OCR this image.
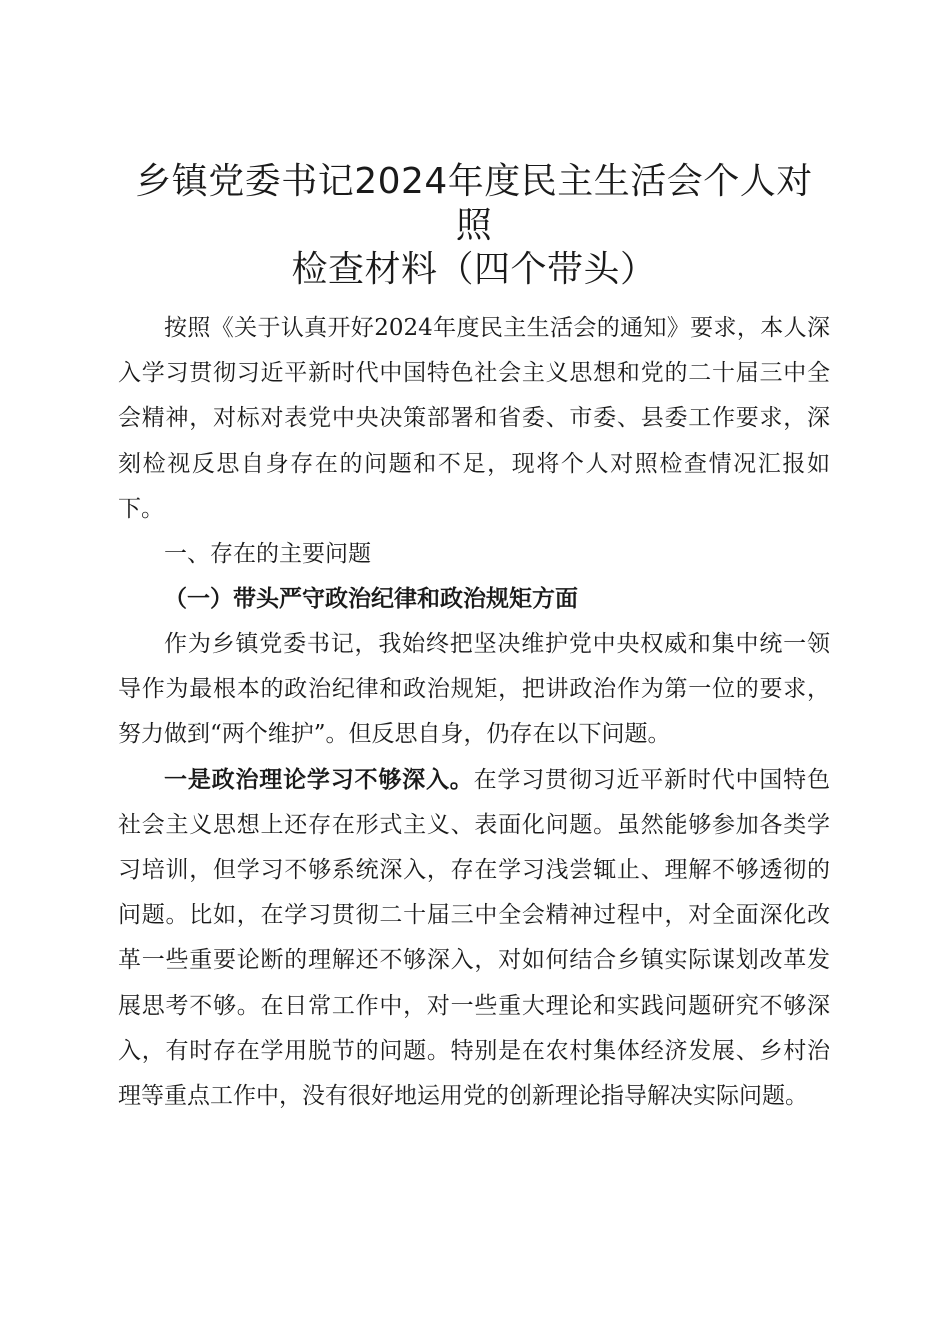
乡镇党委书记2024年度民主生活会个人对照
检查材料（四个带头）

按照《关于认真开好2024年度民主生活会的通知》要求，本人深入学习贯彻习近平新时代中国特色社会主义思想和党的二十届三中全会精神，对标对表党中央决策部署和省委、市委、县委工作要求，深刻检视反思自身存在的问题和不足，现将个人对照检查情况汇报如下。

一、存在的主要问题

（一）带头严守政治纪律和政治规矩方面

作为乡镇党委书记，我始终把坚决维护党中央权威和集中统一领导作为最根本的政治纪律和政治规矩，把讲政治作为第一位的要求，努力做到“两个维护”。但反思自身，仍存在以下问题。

一是政治理论学习不够深入。在学习贯彻习近平新时代中国特色社会主义思想上还存在形式主义、表面化问题。虽然能够参加各类学习培训，但学习不够系统深入，存在学习浅尝辄止、理解不够透彻的问题。比如，在学习贯彻二十届三中全会精神过程中，对全面深化改革一些重要论断的理解还不够深入，对如何结合乡镇实际谋划改革发展思考不够。在日常工作中，对一些重大理论和实践问题研究不够深入，有时存在学用脱节的问题。特别是在农村集体经济发展、乡村治理等重点工作中，没有很好地运用党的创新理论指导解决实际问题。
